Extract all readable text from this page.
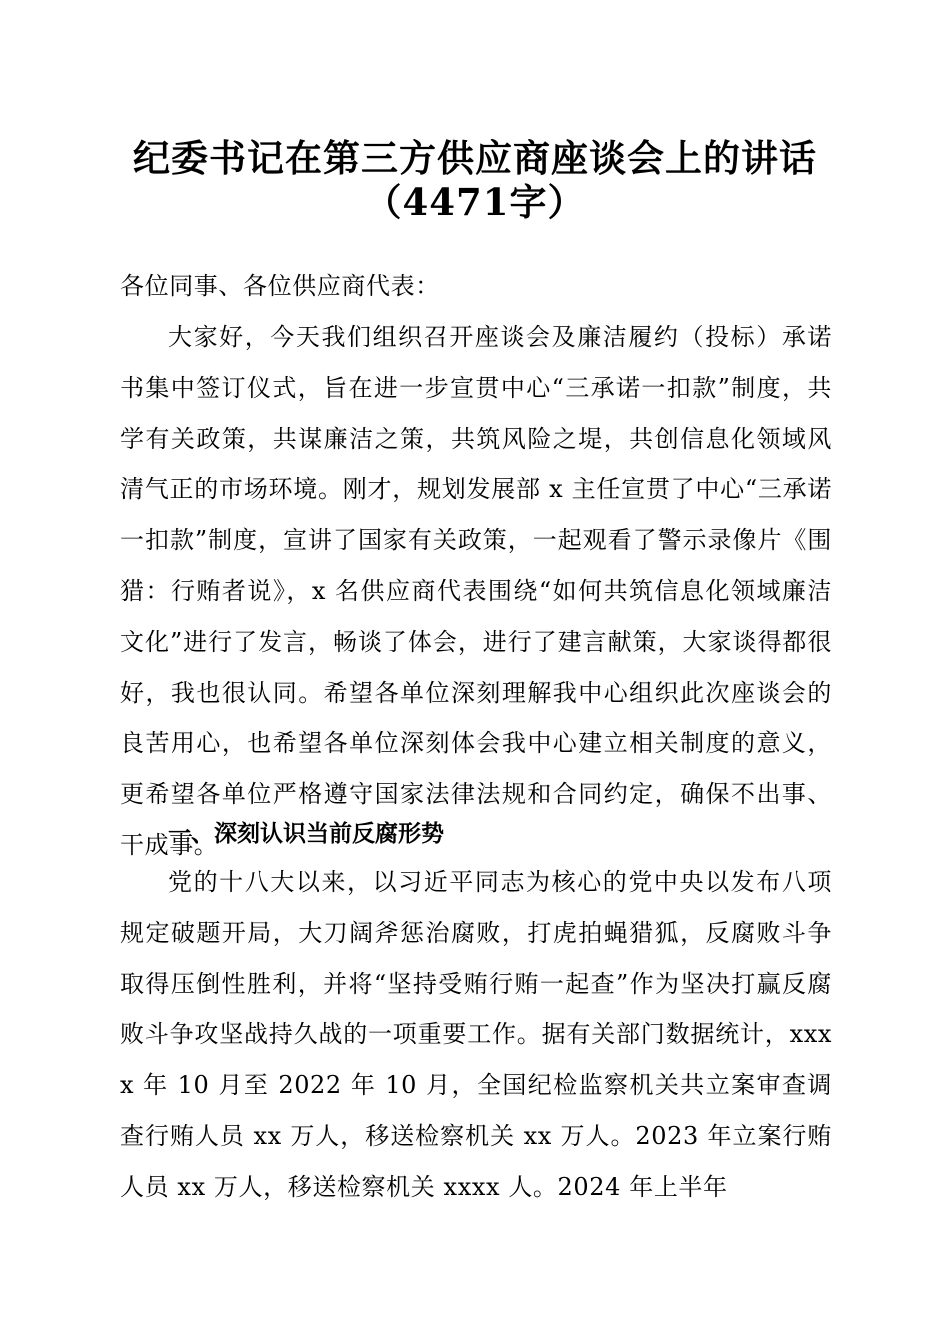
纪委书记在第三方供应商座谈会上的讲话
（4471字）

各位同事、各位供应商代表：

大家好，今天我们组织召开座谈会及廉洁履约（投标）承诺书集中签订仪式，旨在进一步宣贯中心“三承诺一扣款”制度，共学有关政策，共谋廉洁之策，共筑风险之堤，共创信息化领域风清气正的市场环境。刚才，规划发展部 x 主任宣贯了中心“三承诺一扣款”制度，宣讲了国家有关政策，一起观看了警示录像片《围猎：行贿者说》，x 名供应商代表围绕“如何共筑信息化领域廉洁文化”进行了发言，畅谈了体会，进行了建言献策，大家谈得都很好，我也很认同。希望各单位深刻理解我中心组织此次座谈会的良苦用心，也希望各单位深刻体会我中心建立相关制度的意义，更希望各单位严格遵守国家法律法规和合同约定，确保不出事、干成事。

一、深刻认识当前反腐形势

党的十八大以来，以习近平同志为核心的党中央以发布八项规定破题开局，大刀阔斧惩治腐败，打虎拍蝇猎狐，反腐败斗争取得压倒性胜利，并将“坚持受贿行贿一起查”作为坚决打赢反腐败斗争攻坚战持久战的一项重要工作。据有关部门数据统计，xxxx 年 10 月至 2022 年 10 月，全国纪检监察机关共立案审查调查行贿人员 xx 万人，移送检察机关 xx 万人。2023 年立案行贿人员 xx 万人，移送检察机关 xxxx 人。2024 年上半年
